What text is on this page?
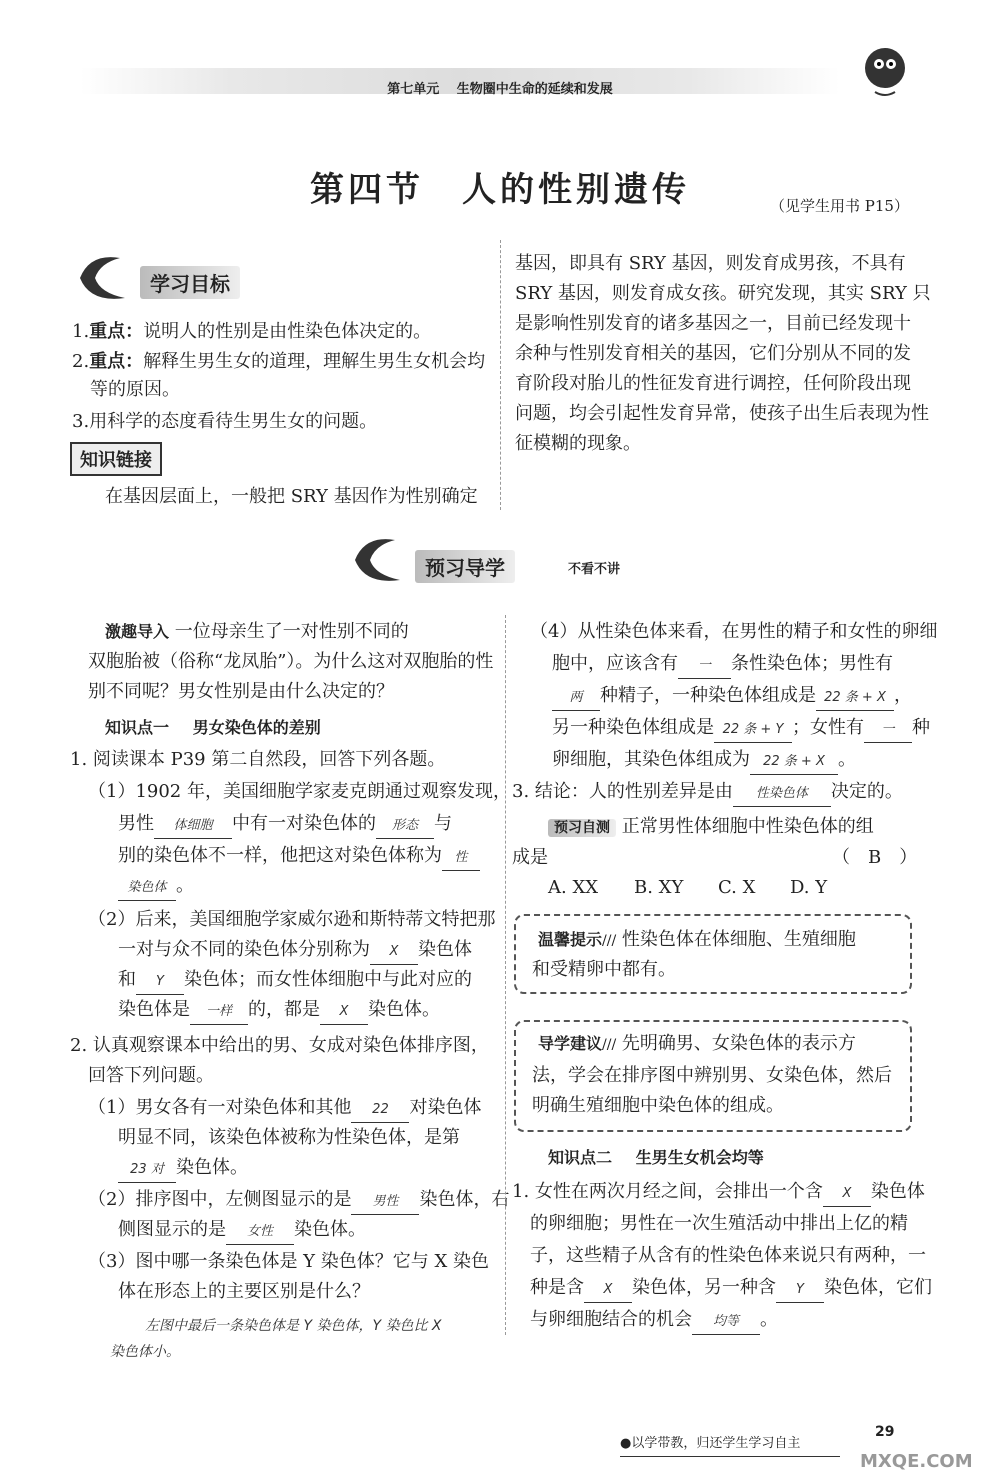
第七单元　 生物圈中生命的延续和发展
第四节　人的性别遗传	（见学生用书 P15）
学习目标
1.重点：说明人的性别是由性染色体决定的。
2.重点：解释生男生女的道理，理解生男生女机会均
等的原因。
3.用科学的态度看待生男生女的问题。
知识链接
在基因层面上，一般把 SRY 基因作为性别确定
基因，即具有 SRY 基因，则发育成男孩，不具有
SRY 基因，则发育成女孩。研究发现，其实 SRY 只
是影响性别发育的诸多基因之一，目前已经发现十
余种与性别发育相关的基因，它们分别从不同的发
育阶段对胎儿的性征发育进行调控，任何阶段出现
问题，均会引起性发育异常，使孩子出生后表现为性
征模糊的现象。
预习导学	不看不讲
激趣导入 一位母亲生了一对性别不同的
双胞胎被（俗称“龙凤胎”）。为什么这对双胞胎的性
别不同呢？男女性别是由什么决定的？
知识点一　 男女染色体的差别
1. 阅读课本 P39 第二自然段，回答下列各题。
（1）1902 年，美国细胞学家麦克朗通过观察发现，
男性 体细胞 中有一对染色体的 形态 与
别的染色体不一样，他把这对染色体称为 性
染色体 。
（2）后来，美国细胞学家威尔逊和斯特蒂文特把那
一对与众不同的染色体分别称为 X 染色体
和 Y 染色体；而女性体细胞中与此对应的
染色体是 一样 的，都是 X 染色体。
2. 认真观察课本中给出的男、女成对染色体排序图，
回答下列问题。
（1）男女各有一对染色体和其他 22 对染色体
明显不同，该染色体被称为性染色体，是第
23 对 染色体。
（2）排序图中，左侧图显示的是 男性 染色体，右
侧图显示的是 女性 染色体。
（3）图中哪一条染色体是 Y 染色体？它与 X 染色
体在形态上的主要区别是什么？
左图中最后一条染色体是 Y 染色体，Y 染色比 X
染色体小。
（4）从性染色体来看，在男性的精子和女性的卵细
胞中，应该含有 一 条性染色体；男性有
两 种精子，一种染色体组成是 22 条 + X ，
另一种染色体组成是 22 条 + Y ；女性有 一 种
卵细胞，其染色体组成为 22 条 + X 。
3. 结论：人的性别差异是由 性染色体 决定的。
预习自测 正常男性体细胞中性染色体的组
成是	（　B　）
A. XX B. XY C. X D. Y
温馨提示/// 性染色体在体细胞、生殖细胞
和受精卵中都有。
导学建议/// 先明确男、女染色体的表示方
法，学会在排序图中辨别男、女染色体，然后
明确生殖细胞中染色体的组成。
知识点二　 生男生女机会均等
1. 女性在两次月经之间，会排出一个含 X 染色体
的卵细胞；男性在一次生殖活动中排出上亿的精
子，这些精子从含有的性染色体来说只有两种，一
种是含 X 染色体，另一种含 Y 染色体，它们
与卵细胞结合的机会 均等 。
●以学带教，归还学生学习自主
29
MXQE.COM
